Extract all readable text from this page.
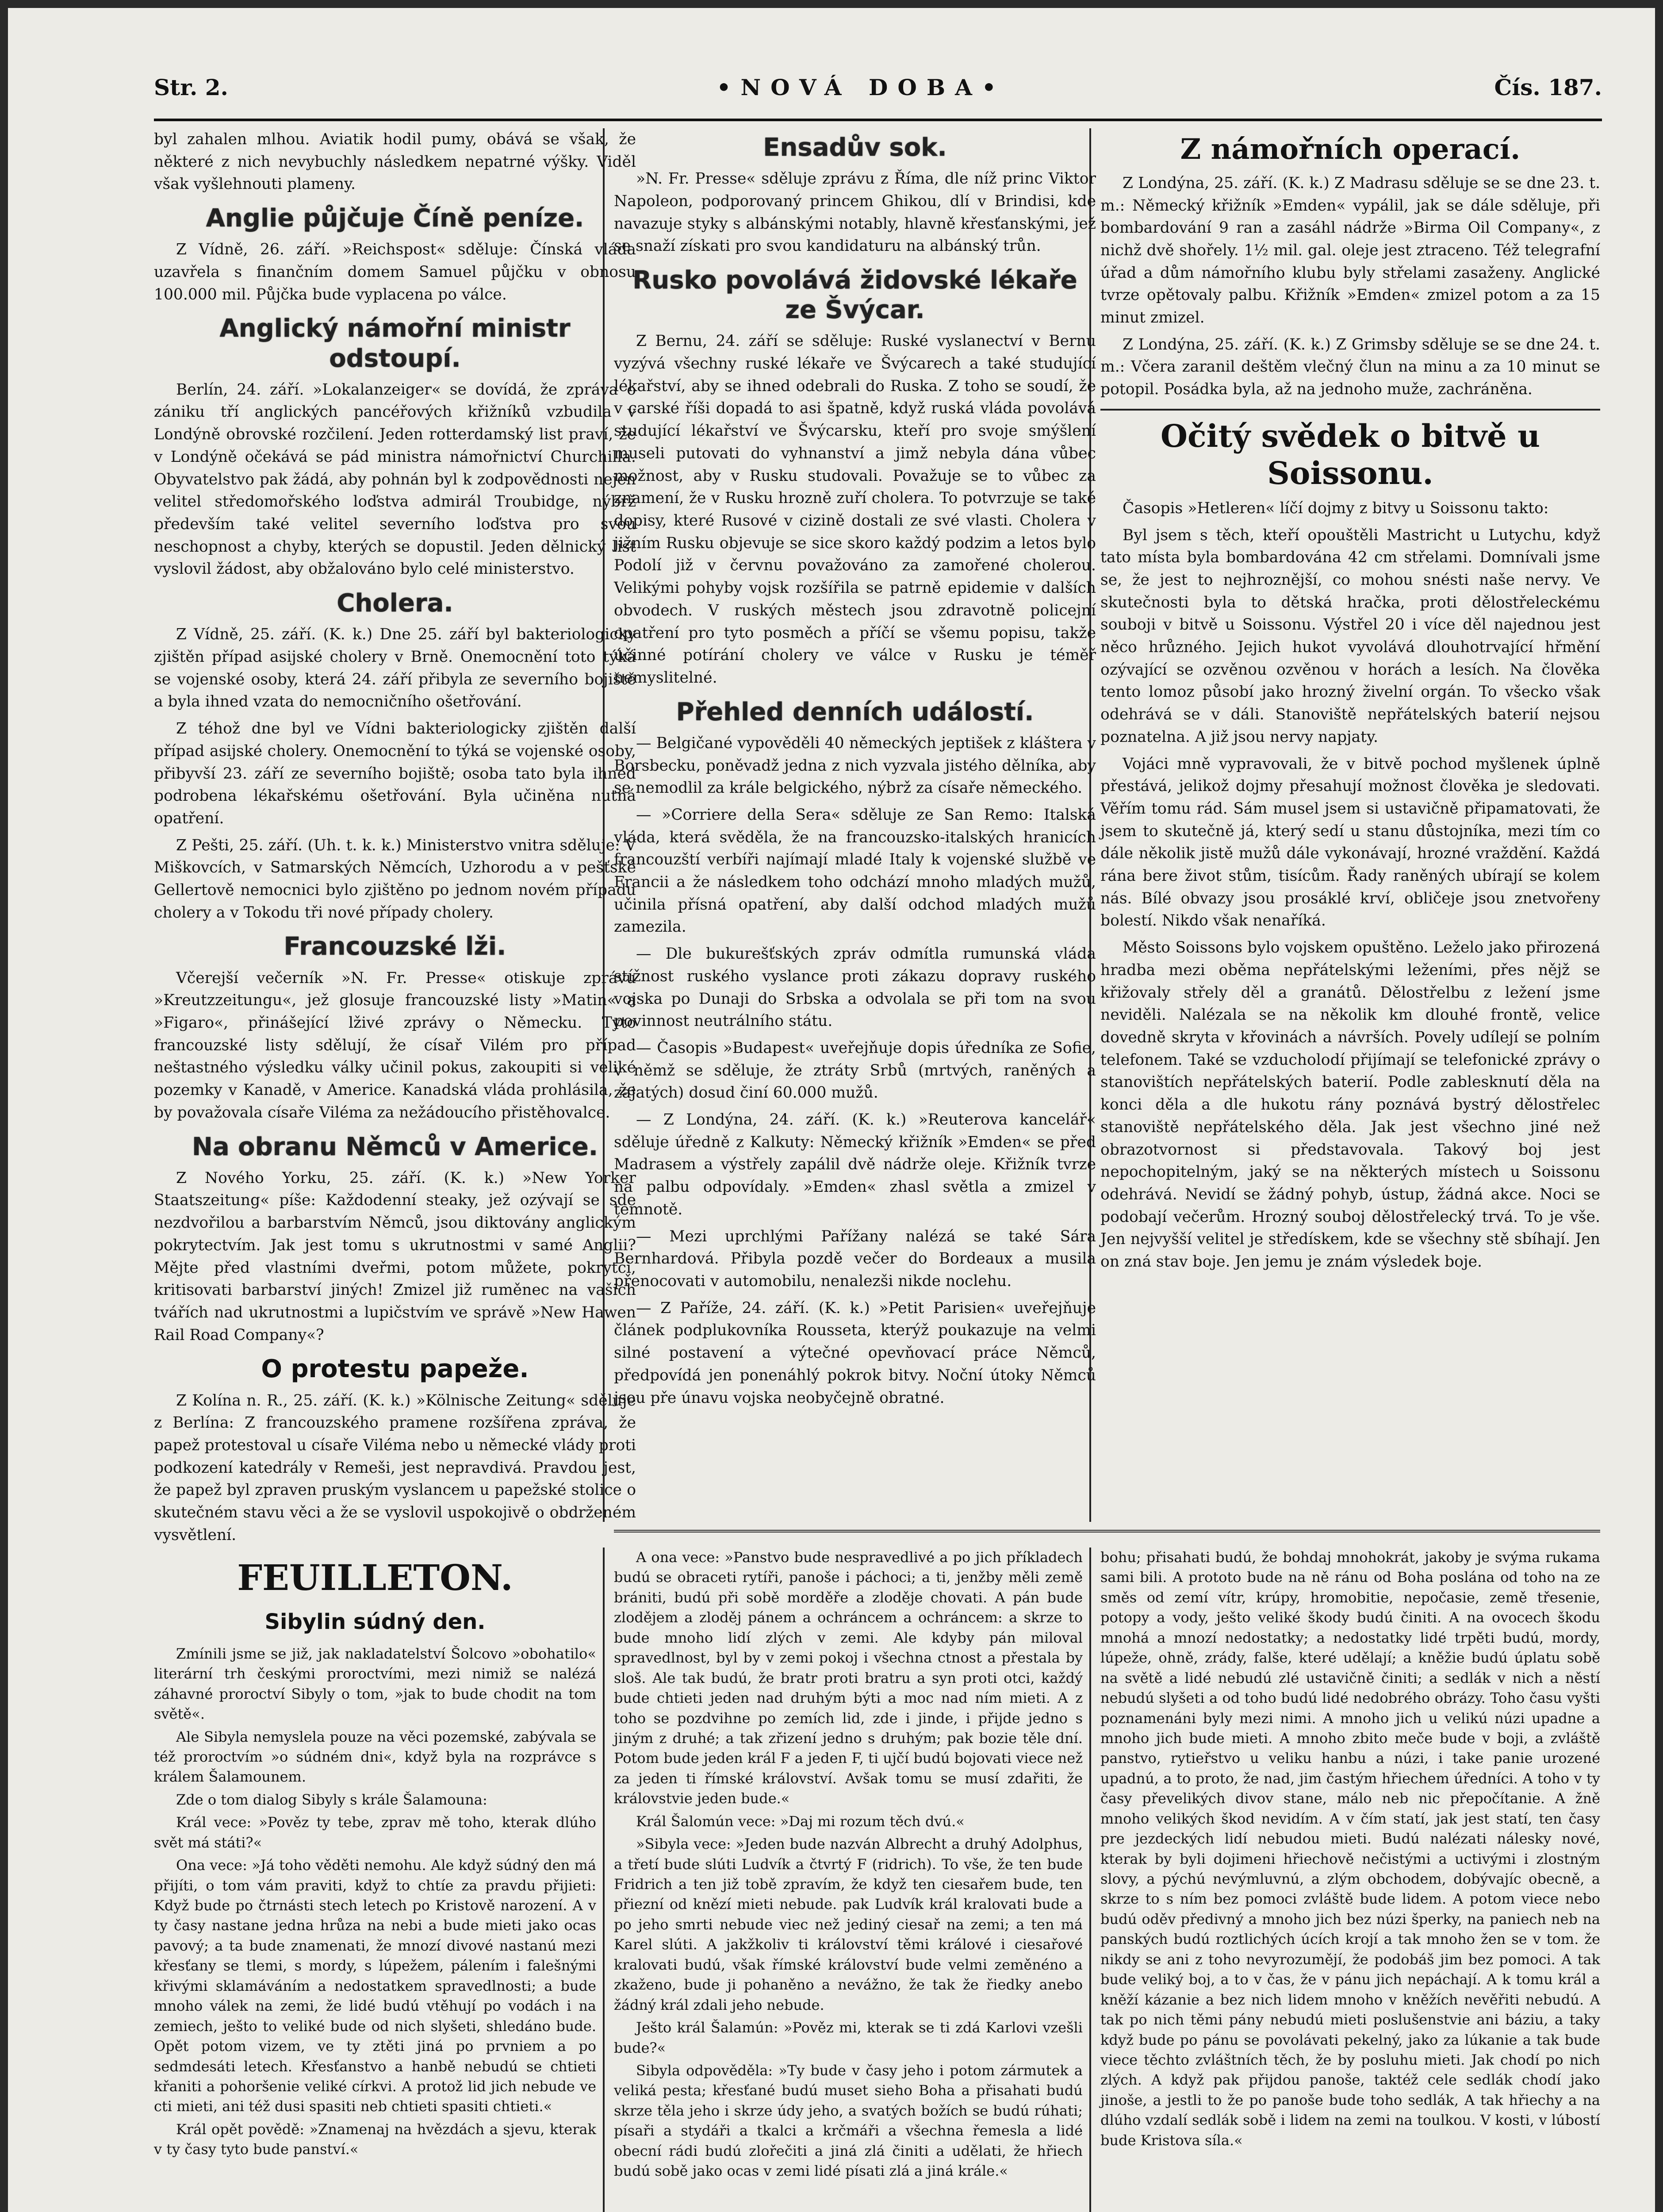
Str. 2.	•NOVÁ DOBA•	Čís. 187.

byl zahalen mlhou. Aviatik hodil pumy, obává se však, že některé z nich nevybuchly následkem nepatrné výšky. Viděl však vyšlehnouti plameny.

Anglie půjčuje Číně peníze.

Z Vídně, 26. září. »Reichspost« sděluje: Čínská vláda uzavřela s finančním domem Samuel půjčku v obnosu 100.000 mil. Půjčka bude vyplacena po válce.

Anglický námořní ministr odstoupí.

Berlín, 24. září. »Lokalanzeiger« se dovídá, že zpráva o zániku tří anglických pancéřových křižníků vzbudila v Londýně obrovské rozčilení. Jeden rotterdamský list praví, že v Londýně očekává se pád ministra námořnictví Churchilla. Obyvatelstvo pak žádá, aby pohnán byl k zodpovědnosti nejen velitel středomořského loďstva admirál Troubidge, nýbrž především také velitel severního loďstva pro svou neschopnost a chyby, kterých se dopustil. Jeden dělnický list vyslovil žádost, aby obžalováno bylo celé ministerstvo.

Cholera.

Z Vídně, 25. září. (K. k.) Dne 25. září byl bakteriologicky zjištěn případ asijské cholery v Brně. Onemocnění toto týká se vojenské osoby, která 24. září přibyla ze severního bojiště a byla ihned vzata do nemocničního ošetřování.

Z téhož dne byl ve Vídni bakteriologicky zjištěn další případ asijské cholery. Onemocnění to týká se vojenské osoby, přibyvší 23. září ze severního bojiště; osoba tato byla ihned podrobena lékařskému ošetřování. Byla učiněna nutná opatření.

Z Pešti, 25. září. (Uh. t. k. k.) Ministerstvo vnitra sděluje: V Miškovcích, v Satmarských Němcích, Uzhorodu a v pešťské Gellertově nemocnici bylo zjištěno po jednom novém případu cholery a v Tokodu tři nové případy cholery.

Francouzské lži.

Včerejší večerník »N. Fr. Presse« otiskuje zprávu »Kreutzzeitungu«, jež glosuje francouzské listy »Matin« a »Figaro«, přinášející lživé zprávy o Německu. Tyto francouzské listy sdělují, že císař Vilém pro případ neštastného výsledku války učinil pokus, zakoupiti si veliké pozemky v Kanadě, v Americe. Kanadská vláda prohlásila, že by považovala císaře Viléma za nežádoucího přistěhovalce.

Na obranu Němců v Americe.

Z Nového Yorku, 25. září. (K. k.) »New Yorker Staatszeitung« píše: Každodenní steaky, jež ozývají se sde nezdvořilou a barbarstvím Němců, jsou diktovány anglickým pokrytectvím. Jak jest tomu s ukrutnostmi v samé Anglii? Mějte před vlastními dveřmi, potom můžete, pokrytci, kritisovati barbarství jiných! Zmizel již ruměnec na vašich tvářích nad ukrutnostmi a lupičstvím ve správě »New Hawen Rail Road Company«?

O protestu papeže.

Z Kolína n. R., 25. září. (K. k.) »Kölnische Zeitung« sděluje z Berlína: Z francouzského pramene rozšířena zpráva, že papež protestoval u císaře Viléma nebo u německé vlády proti podkození katedrály v Remeši, jest nepravdivá. Pravdou jest, že papež byl zpraven pruským vyslancem u papežské stolice o skutečném stavu věci a že se vyslovil uspokojivě o obdrženém vysvětlení.

Ensadův sok.

»N. Fr. Presse« sděluje zprávu z Říma, dle níž princ Viktor Napoleon, podporovaný princem Ghikou, dlí v Brindisi, kde navazuje styky s albánskými notably, hlavně křesťanskými, jež se snaží získati pro svou kandidaturu na albánský trůn.

Rusko povolává židovské lékaře ze Švýcar.

Z Bernu, 24. září se sděluje: Ruské vyslanectví v Bernu vyzývá všechny ruské lékaře ve Švýcarech a také studující lékařství, aby se ihned odebrali do Ruska. Z toho se soudí, že v carské říši dopadá to asi špatně, když ruská vláda povolává studující lékařství ve Švýcarsku, kteří pro svoje smýšlení museli putovati do vyhnanství a jimž nebyla dána vůbec možnost, aby v Rusku studovali. Považuje se to vůbec za znamení, že v Rusku hrozně zuří cholera. To potvrzuje se také dopisy, které Rusové v cizině dostali ze své vlasti. Cholera v jižním Rusku objevuje se sice skoro každý podzim a letos bylo Podolí již v červnu považováno za zamořené cholerou. Velikými pohyby vojsk rozšířila se patrně epidemie v dalších obvodech. V ruských městech jsou zdravotně policejní opatření pro tyto posměch a příčí se všemu popisu, takže účinné potírání cholery ve válce v Rusku je téměř nemyslitelné.

Přehled denních událostí.

— Belgičané vypověděli 40 německých jeptišek z kláštera v Borsbecku, poněvadž jedna z nich vyzvala jistého dělníka, aby se nemodlil za krále belgického, nýbrž za císaře německého.

— »Corriere della Sera« sděluje ze San Remo: Italská vláda, která svěděla, že na francouzsko-italských hranicích francouzští verbíři najímají mladé Italy k vojenské službě ve Francii a že následkem toho odchází mnoho mladých mužů, učinila přísná opatření, aby další odchod mladých mužů zamezila.

— Dle bukurešťských zpráv odmítla rumunská vláda stížnost ruského vyslance proti zákazu dopravy ruského vojska po Dunaji do Srbska a odvolala se při tom na svou povinnost neutrálního státu.

— Časopis »Budapest« uveřejňuje dopis úředníka ze Sofie, v němž se sděluje, že ztráty Srbů (mrtvých, raněných a zajatých) dosud činí 60.000 mužů.

— Z Londýna, 24. září. (K. k.) »Reuterova kancelář« sděluje úředně z Kalkuty: Německý křižník »Emden« se před Madrasem a výstřely zapálil dvě nádrže oleje. Křižník tvrze na palbu odpovídaly. »Emden« zhasl světla a zmizel v temnotě.

— Mezi uprchlými Pařížany nalézá se také Sára Bernhardová. Přibyla pozdě večer do Bordeaux a musila přenocovati v automobilu, nenalezši nikde noclehu.

— Z Paříže, 24. září. (K. k.) »Petit Parisien« uveřejňuje článek podplukovníka Rousseta, kterýž poukazuje na velmi silné postavení a výtečné opevňovací práce Němců, předpovídá jen ponenáhlý pokrok bitvy. Noční útoky Němců jsou pře únavu vojska neobyčejně obratné.

Z námořních operací.

Z Londýna, 25. září. (K. k.) Z Madrasu sděluje se se dne 23. t. m.: Německý křižník »Emden« vypálil, jak se dále sděluje, při bombardování 9 ran a zasáhl nádrže »Birma Oil Company«, z nichž dvě shořely. 1½ mil. gal. oleje jest ztraceno. Též telegrafní úřad a dům námořního klubu byly střelami zasaženy. Anglické tvrze opětovaly palbu. Křižník »Emden« zmizel potom a za 15 minut zmizel.

Z Londýna, 25. září. (K. k.) Z Grimsby sděluje se se dne 24. t. m.: Včera zaranil deštěm vlečný člun na minu a za 10 minut se potopil. Posádka byla, až na jednoho muže, zachráněna.

Očitý svědek o bitvě u Soissonu.

Časopis »Hetleren« líčí dojmy z bitvy u Soissonu takto:

Byl jsem s těch, kteří opouštěli Mastricht u Lutychu, když tato místa byla bombardována 42 cm střelami. Domnívali jsme se, že jest to nejhroznější, co mohou snésti naše nervy. Ve skutečnosti byla to dětská hračka, proti dělostřeleckému souboji v bitvě u Soissonu. Výstřel 20 i více děl najednou jest něco hrůzného. Jejich hukot vyvolává dlouhotrvající hřmění ozývající se ozvěnou ozvěnou v horách a lesích. Na člověka tento lomoz působí jako hrozný živelní orgán. To všecko však odehrává se v dáli. Stanoviště nepřátelských baterií nejsou poznatelna. A již jsou nervy napjaty.

Vojáci mně vypravovali, že v bitvě pochod myšlenek úplně přestává, jelikož dojmy přesahují možnost člověka je sledovati. Věřím tomu rád. Sám musel jsem si ustavičně připamatovati, že jsem to skutečně já, který sedí u stanu důstojníka, mezi tím co dále několik jistě mužů dále vykonávají, hrozné vraždění. Každá rána bere život stům, tisícům. Řady raněných ubírají se kolem nás. Bílé obvazy jsou prosáklé krví, obličeje jsou znetvořeny bolestí. Nikdo však nenaříká.

Město Soissons bylo vojskem opuštěno. Leželo jako přirozená hradba mezi oběma nepřátelskými leženími, přes nějž se křižovaly střely děl a granátů. Dělostřelbu z ležení jsme neviděli. Nalézala se na několik km dlouhé frontě, velice dovedně skryta v křovinách a návrších. Povely udílejí se polním telefonem. Také se vzducholodí přijímají se telefonické zprávy o stanovištích nepřátelských baterií. Podle zablesknutí děla na konci děla a dle hukotu rány poznává bystrý dělostřelec stanoviště nepřátelského děla. Jak jest všechno jiné než obrazotvornost si představovala. Takový boj jest nepochopitelným, jaký se na některých místech u Soissonu odehrává. Nevidí se žádný pohyb, ústup, žádná akce. Noci se podobají večerům. Hrozný souboj dělostřelecký trvá. To je vše. Jen nejvyšší velitel je středískem, kde se všechny stě sbíhají. Jen on zná stav boje. Jen jemu je znám výsledek boje.

FEUILLETON.
Sibylin súdný den.

Zmínili jsme se již, jak nakladatelství Šolcovo »obohatilo« literární trh českými proroctvími, mezi nimiž se nalézá záhavné proroctví Sibyly o tom, »jak to bude chodit na tom světě«.

Ale Sibyla nemyslela pouze na věci pozemské, zabývala se též proroctvím »o súdném dni«, když byla na rozprávce s králem Šalamounem.

Zde o tom dialog Sibyly s krále Šalamouna:

Král vece: »Pověz ty tebe, zprav mě toho, kterak dlúho svět má státi?«

Ona vece: »Já toho věděti nemohu. Ale když súdný den má přijíti, o tom vám praviti, když to chtíe za pravdu přijieti: Když bude po čtrnásti stech letech po Kristově narození. A v ty časy nastane jedna hrůza na nebi a bude mieti jako ocas pavový; a ta bude znamenati, že mnozí divové nastanú mezi křesťany se tlemi, s mordy, s lúpežem, pálením i falešnými křivými sklamáváním a nedostatkem spravedlnosti; a bude mnoho válek na zemi, že lidé budú vtěhují po vodách i na zemiech, ješto to veliké bude od nich slyšeti, shledáno bude. Opět potom vizem, ve ty ztěti jiná po prvniem a po sedmdesáti letech. Křesťanstvo a hanbě nebudú se chtieti křaniti a pohoršenie veliké církvi. A protož lid jich nebude ve cti mieti, ani též dusi spasiti neb chtieti spasiti chtieti.«

Král opět povědě: »Znamenaj na hvězdách a sjevu, kterak v ty časy tyto bude panství.«

A ona vece: »Panstvo bude nespravedlivé a po jich příkladech budú se obraceti rytíři, panoše i páchoci; a ti, jenžby měli země brániti, budú při sobě morděře a zloděje chovati. A pán bude zlodějem a zloděj pánem a ochráncem a ochráncem: a skrze to bude mnoho lidí zlých v zemi. Ale kdyby pán miloval spravedlnost, byl by v zemi pokoj i všechna ctnost a přestala by sloš. Ale tak budú, že bratr proti bratru a syn proti otci, každý bude chtieti jeden nad druhým býti a moc nad ním mieti. A z toho se pozdvihne po zemích lid, zde i jinde, i přijde jedno s jiným z druhé; a tak zřizení jedno s druhým; pak bozie těle dní. Potom bude jeden král F a jeden F, ti ujčí budú bojovati viece než za jeden ti římské království. Avšak tomu se musí zdařiti, že královstvie jeden bude.«

Král Šalomún vece: »Daj mi rozum těch dvú.«

»Sibyla vece: »Jeden bude nazván Albrecht a druhý Adolphus, a třetí bude slúti Ludvík a čtvrtý F (ridrich). To vše, že ten bude Fridrich a ten již tobě zpravím, že když ten ciesařem bude, ten přiezní od knězí mieti nebude. pak Ludvík král kralovati bude a po jeho smrti nebude viec než jediný ciesař na zemi; a ten má Karel slúti. A jakžkoliv ti království těmi králové i ciesařové kralovati budú, však římské království bude velmi zeměnéno a zkaženo, bude ji pohaněno a nevážno, že tak že řiedky anebo žádný král zdali jeho nebude.

Ješto král Šalamún: »Pověz mi, kterak se ti zdá Karlovi vzešli bude?«

Sibyla odpověděla: »Ty bude v časy jeho i potom zármutek a veliká pesta; křesťané budú muset sieho Boha a přisahati budú skrze těla jeho i skrze údy jeho, a svatých božích se budú rúhati; písaři a stydáři a tkalci a krčmáři a všechna řemesla a lidé obecní rádi budú zlořečiti a jiná zlá činiti a udělati, že hřiech budú sobě jako ocas v zemi lidé písati zlá a jiná krále.«

bohu; přisahati budú, že bohdaj mnohokrát, jakoby je svýma rukama sami bili. A prototo bude na ně ránu od Boha poslána od toho na ze směs od zemí vítr, krúpy, hromobitie, nepočasie, země třesenie, potopy a vody, ješto veliké škody budú činiti. A na ovocech škodu mnohá a mnozí nedostatky; a nedostatky lidé trpěti budú, mordy, lúpeže, ohně, zrády, falše, které udělají; a kněžie budú úplatu sobě na světě a lidé nebudú zlé ustavičně činiti; a sedlák v nich a něstí nebudú slyšeti a od toho budú lidé nedobrého obrázy. Toho času vyšti poznamenáni byly mezi nimi. A mnoho jich u velikú núzi upadne a mnoho jich bude mieti. A mnoho zbito meče bude v boji, a zvláště panstvo, rytieřstvo u veliku hanbu a núzi, i take panie urozené upadnú, a to proto, že nad, jim častým hřiechem úředníci. A toho v ty časy převelikých divov stane, málo neb nic přepočítanie. A žně mnoho velikých škod nevidím. A v čím statí, jak jest statí, ten časy pre jezdeckých lidí nebudou mieti. Budú nalézati nálesky nové, kterak by byli dojimeni hřiechově nečistými a uctivými i zlostným slovy, a pýchú nevýmluvnú, a zlým obchodem, dobývajíc obecně, a skrze to s ním bez pomoci zvláště bude lidem. A potom viece nebo budú oděv předivný a mnoho jich bez núzi šperky, na paniech neb na panských budú roztlichých úcích krojí a tak mnoho žen se v tom. že nikdy se ani z toho nevyrozumějí, že podobáš jim bez pomoci. A tak bude veliký boj, a to v čas, že v pánu jich nepáchají. A k tomu král a kněží kázanie a bez nich lidem mnoho v kněžích nevěřiti nebudú. A tak po nich těmi pány nebudú mieti poslušenstvie ani báziu, a taky když bude po pánu se povolávati pekelný, jako za lúkanie a tak bude viece těchto zvláštních těch, že by posluhu mieti. Jak chodí po nich zlých. A když pak přijdou panoše, taktéž cele sedlák chodí jako jinoše, a jestli to že po panoše bude toho sedlák, A tak hřiechy a na dlúho vzdalí sedlák sobě i lidem na zemi na toulkou. V kosti, v lúbostí bude Kristova síla.«
